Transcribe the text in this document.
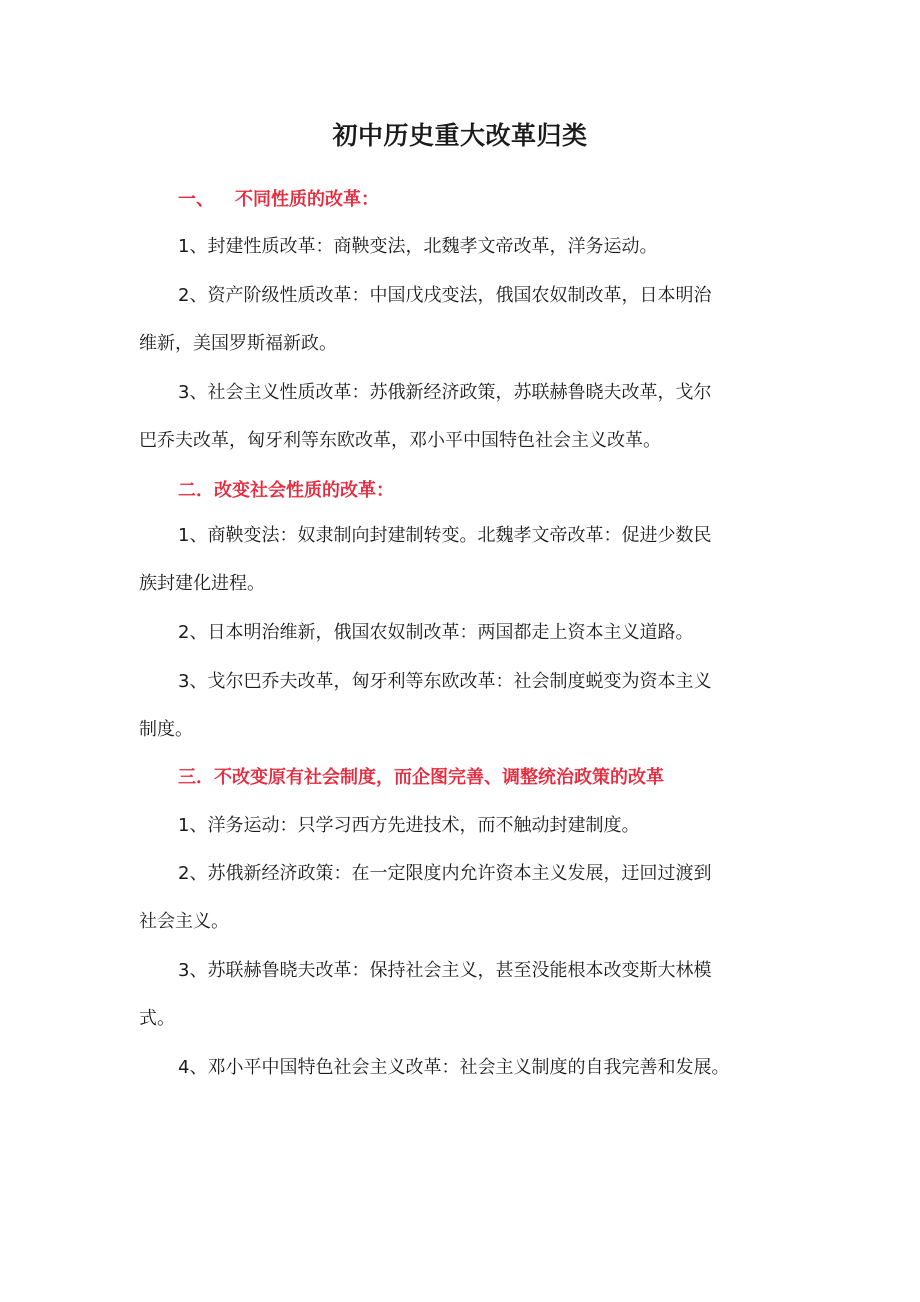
初中历史重大改革归类
一、 不同性质的改革：
1、封建性质改革：商鞅变法，北魏孝文帝改革，洋务运动。
2、资产阶级性质改革：中国戊戌变法，俄国农奴制改革，日本明治
维新，美国罗斯福新政。
3、社会主义性质改革：苏俄新经济政策，苏联赫鲁晓夫改革，戈尔
巴乔夫改革，匈牙利等东欧改革，邓小平中国特色社会主义改革。
二．改变社会性质的改革：
1、商鞅变法：奴隶制向封建制转变。北魏孝文帝改革：促进少数民
族封建化进程。
2、日本明治维新，俄国农奴制改革：两国都走上资本主义道路。
3、戈尔巴乔夫改革，匈牙利等东欧改革：社会制度蜕变为资本主义
制度。
三．不改变原有社会制度，而企图完善、调整统治政策的改革
1、洋务运动：只学习西方先进技术，而不触动封建制度。
2、苏俄新经济政策：在一定限度内允许资本主义发展，迂回过渡到
社会主义。
3、苏联赫鲁晓夫改革：保持社会主义，甚至没能根本改变斯大林模
式。
4、邓小平中国特色社会主义改革：社会主义制度的自我完善和发展。
